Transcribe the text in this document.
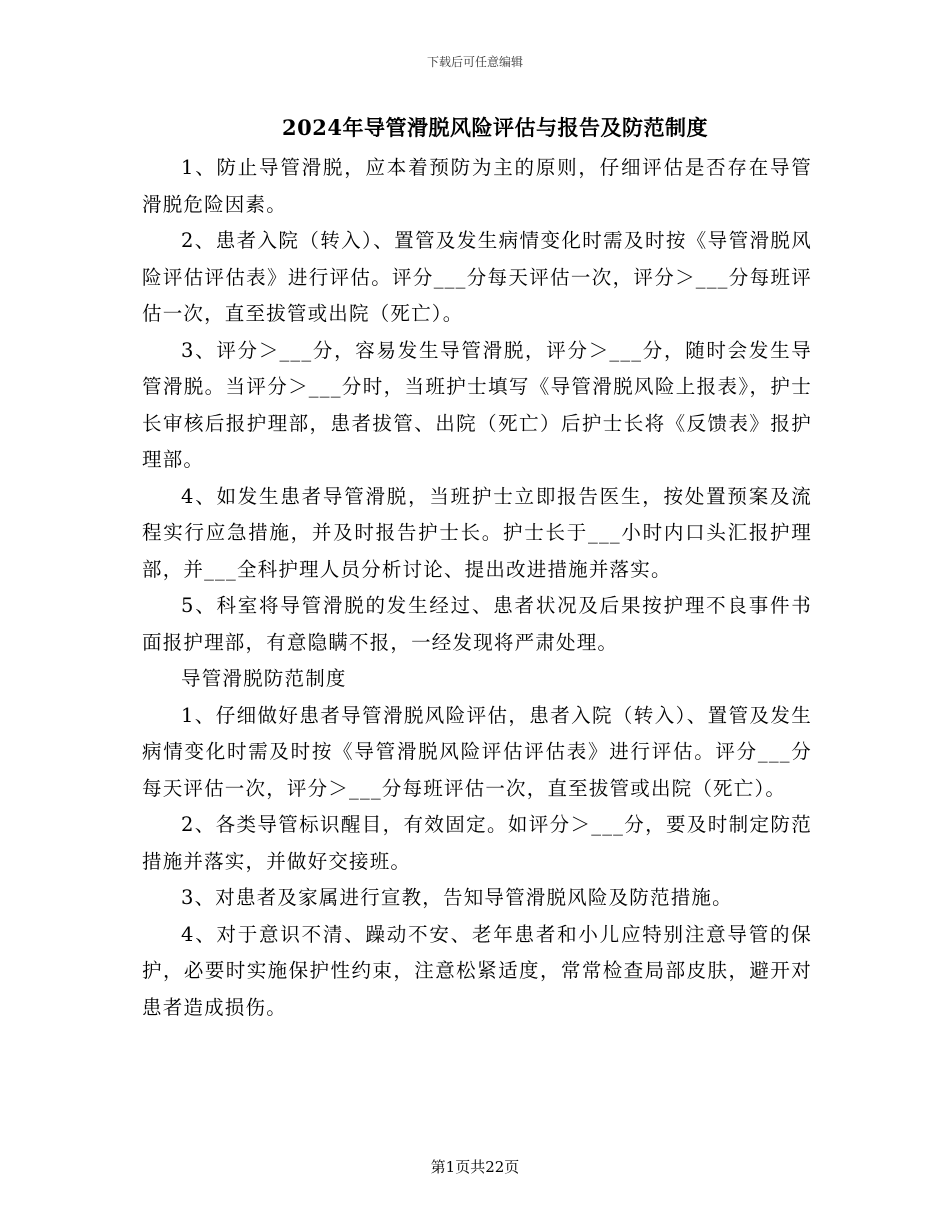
下载后可任意编辑
2024年导管滑脱风险评估与报告及防范制度

1、防止导管滑脱，应本着预防为主的原则，仔细评估是否存在导管滑脱危险因素。

2、患者入院（转入）、置管及发生病情变化时需及时按《导管滑脱风险评估评估表》进行评估。评分___分每天评估一次，评分＞___分每班评估一次，直至拔管或出院（死亡）。

3、评分＞___分，容易发生导管滑脱，评分＞___分，随时会发生导管滑脱。当评分＞___分时，当班护士填写《导管滑脱风险上报表》，护士长审核后报护理部，患者拔管、出院（死亡）后护士长将《反馈表》报护理部。

4、如发生患者导管滑脱，当班护士立即报告医生，按处置预案及流程实行应急措施，并及时报告护士长。护士长于___小时内口头汇报护理部，并___全科护理人员分析讨论、提出改进措施并落实。

5、科室将导管滑脱的发生经过、患者状况及后果按护理不良事件书面报护理部，有意隐瞒不报，一经发现将严肃处理。

导管滑脱防范制度

1、仔细做好患者导管滑脱风险评估，患者入院（转入）、置管及发生病情变化时需及时按《导管滑脱风险评估评估表》进行评估。评分___分每天评估一次，评分＞___分每班评估一次，直至拔管或出院（死亡）。

2、各类导管标识醒目，有效固定。如评分＞___分，要及时制定防范措施并落实，并做好交接班。

3、对患者及家属进行宣教，告知导管滑脱风险及防范措施。

4、对于意识不清、躁动不安、老年患者和小儿应特别注意导管的保护，必要时实施保护性约束，注意松紧适度，常常检查局部皮肤，避开对患者造成损伤。

第1页共22页
